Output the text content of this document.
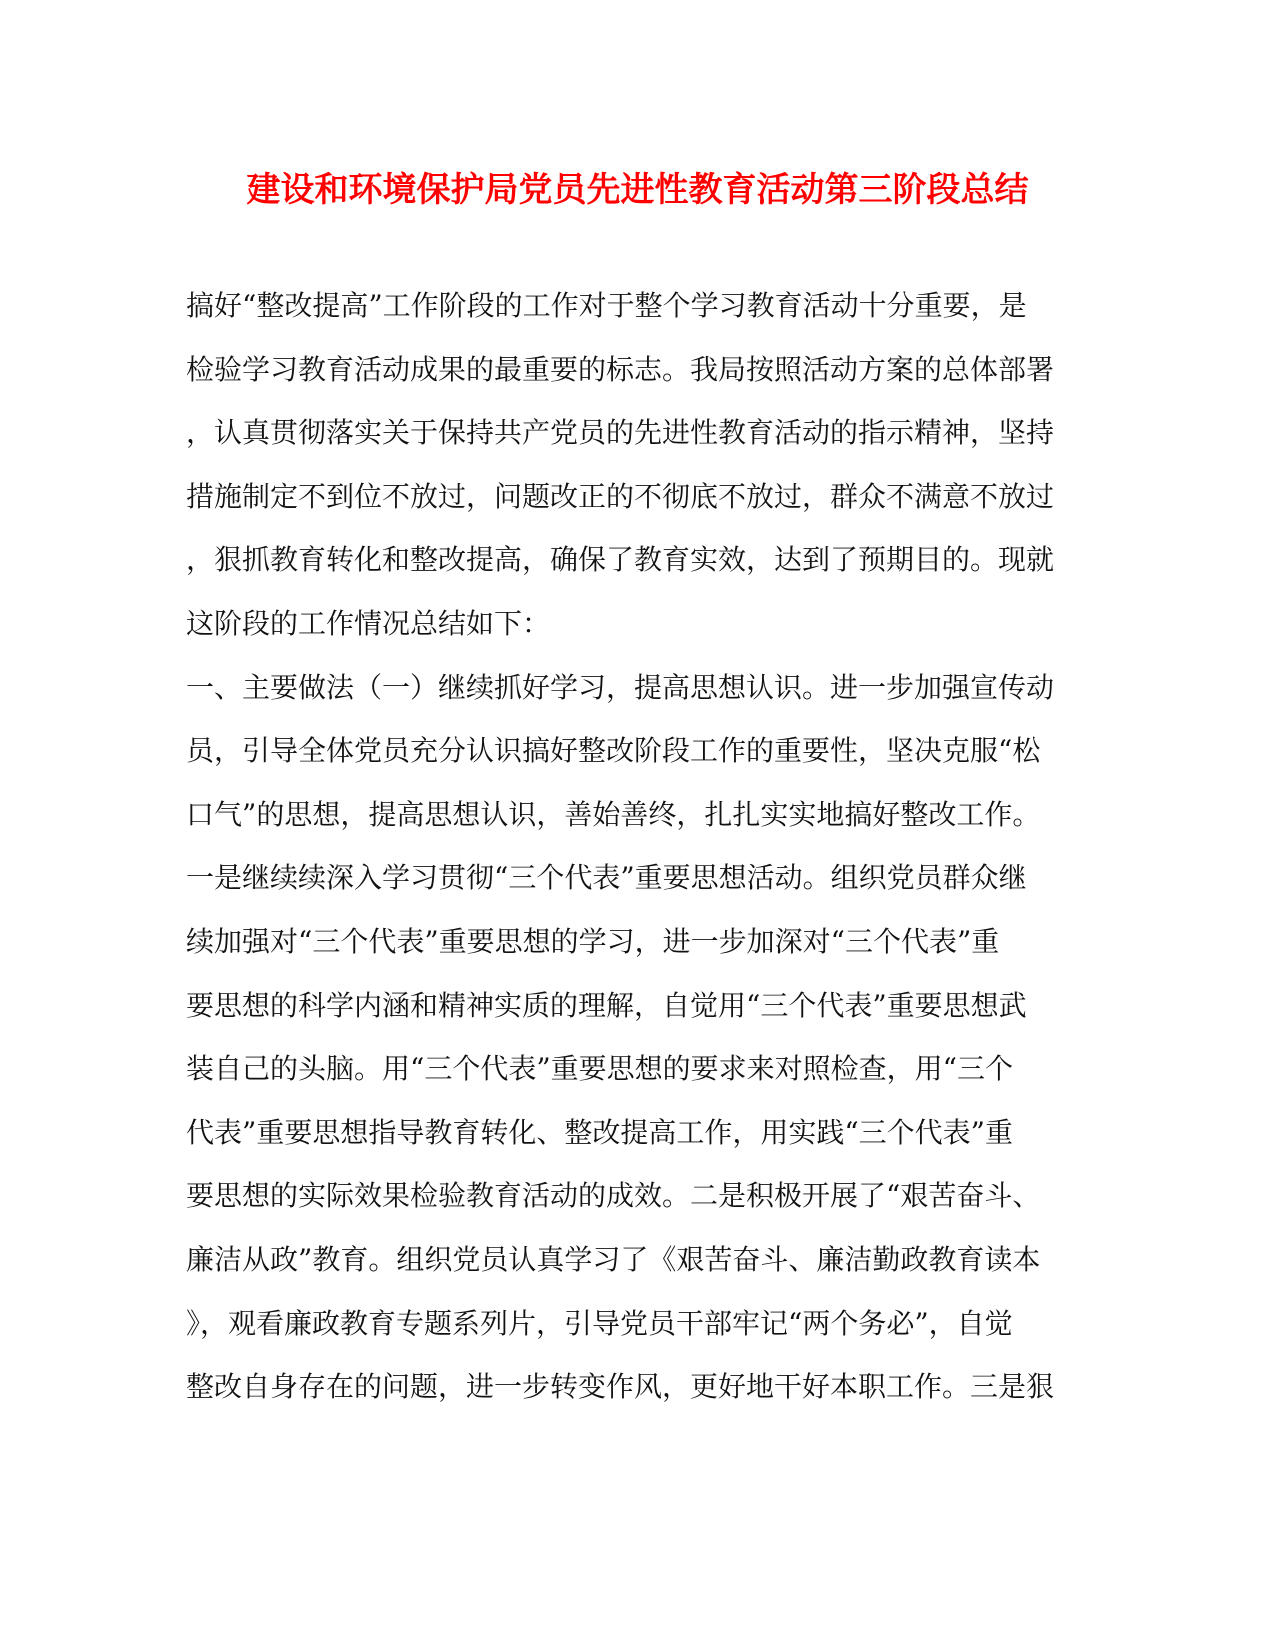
建设和环境保护局党员先进性教育活动第三阶段总结
搞好“整改提高”工作阶段的工作对于整个学习教育活动十分重要，是
检验学习教育活动成果的最重要的标志。我局按照活动方案的总体部署
，认真贯彻落实关于保持共产党员的先进性教育活动的指示精神，坚持
措施制定不到位不放过，问题改正的不彻底不放过，群众不满意不放过
，狠抓教育转化和整改提高，确保了教育实效，达到了预期目的。现就
这阶段的工作情况总结如下：
一、主要做法（一）继续抓好学习，提高思想认识。进一步加强宣传动
员，引导全体党员充分认识搞好整改阶段工作的重要性，坚决克服“松
口气”的思想，提高思想认识，善始善终，扎扎实实地搞好整改工作。
一是继续续深入学习贯彻“三个代表”重要思想活动。组织党员群众继
续加强对“三个代表”重要思想的学习，进一步加深对“三个代表”重
要思想的科学内涵和精神实质的理解，自觉用“三个代表”重要思想武
装自己的头脑。用“三个代表”重要思想的要求来对照检查，用“三个
代表”重要思想指导教育转化、整改提高工作，用实践“三个代表”重
要思想的实际效果检验教育活动的成效。二是积极开展了“艰苦奋斗、
廉洁从政”教育。组织党员认真学习了《艰苦奋斗、廉洁勤政教育读本
》，观看廉政教育专题系列片，引导党员干部牢记“两个务必”，自觉
整改自身存在的问题，进一步转变作风，更好地干好本职工作。三是狠
